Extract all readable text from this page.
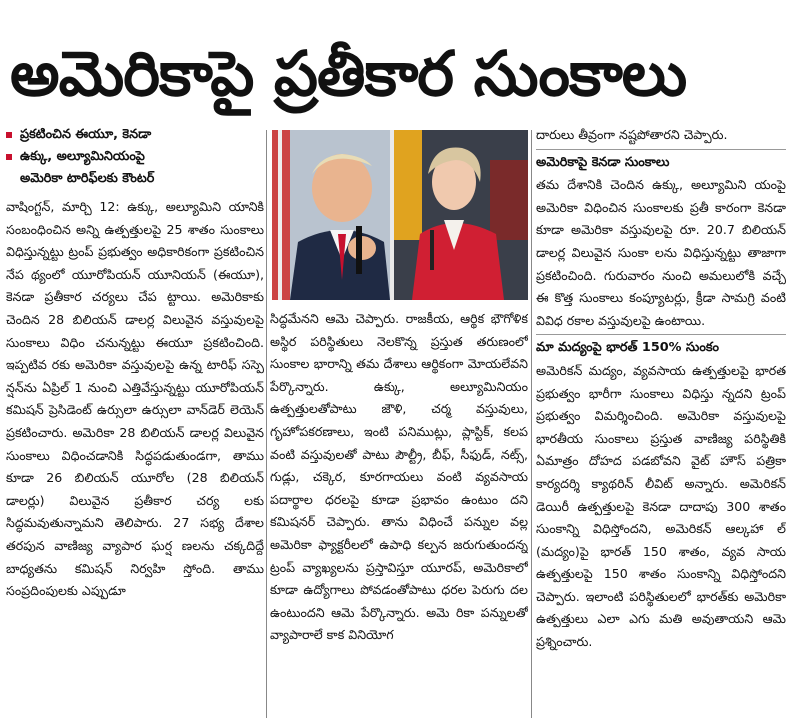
అమెరికాపై ప్రతీకార సుంకాలు
ప్రకటించిన ఈయూ, కెనడా
ఉక్కు, అల్యూమినియంపై
అమెరికా టారిఫ్‌లకు కౌంటర్

వాషింగ్టన్, మార్చి 12: ఉక్కు, అల్యూమిని యానికి సంబంధించిన అన్ని ఉత్పత్తులపై 25 శాతం సుంకాలు విధిస్తున్నట్టు ట్రంప్ ప్రభుత్వం అధికారికంగా ప్రకటించిన నేప థ్యంలో యూరోపియన్ యూనియన్ (ఈయూ), కెనడా ప్రతీకార చర్యలు చేప ట్టాయి. అమెరికాకు చెందిన 28 బిలియన్ డాలర్ల విలువైన వస్తువులపై సుంకాలు విధిం చనున్నట్టు ఈయూ ప్రకటించింది. ఇప్పటివ రకు అమెరికా వస్తువులపై ఉన్న టారిఫ్ సస్పె న్షన్‌ను ఏప్రిల్ 1 నుంచి ఎత్తివేస్తున్నట్టు యూరోపియన్ కమిషన్ ప్రెసిడెంట్ ఉర్సులా ఉర్సులా వాన్‌డెర్ లెయెన్ ప్రకటించారు. అమెరికా 28 బిలియన్ డాలర్ల విలువైన సుంకాలు విధించడానికి సిద్ధపడుతుండగా, తాము కూడా 26 బిలియన్ యూరోల (28 బిలియన్ డాలర్లు) విలువైన ప్రతీకార చర్య లకు సిద్ధమవుతున్నామని తెలిపారు. 27 సభ్య దేశాల తరపున వాణిజ్య వ్యాపార ఘర్ష ణలను చక్కదిద్దే బాధ్యతను కమిషన్ నిర్వహి స్తోంది. తాము సంప్రదింపులకు ఎప్పుడూ

సిద్ధమేనని ఆమె చెప్పారు. రాజకీయ, ఆర్థిక భౌగోళిక అస్థిర పరిస్థితులు నెలకొన్న ప్రస్తుత తరుణంలో సుంకాల భారాన్ని తమ దేశాలు ఆర్థికంగా మోయలేవని పేర్కొన్నారు. ఉక్కు, అల్యూమినియం ఉత్పత్తులతోపాటు జౌళి, చర్మ వస్తువులు, గృహోపకరణాలు, ఇంటి పనిముట్లు, ప్లాస్టిక్, కలప వంటి వస్తువులతో పాటు పౌల్ట్రీ, బీఫ్, సీఫుడ్, నట్స్, గుడ్లు, చక్కెర, కూరగాయలు వంటి వ్యవసాయ పదార్థాల ధరలపై కూడా ప్రభావం ఉంటుం దని కమిషనర్ చెప్పారు. తాను విధించే పన్నుల వల్ల అమెరికా ఫ్యాక్టరీలలో ఉపాధి కల్పన జరుగుతుందన్న ట్రంప్ వ్యాఖ్యలను ప్రస్తావిస్తూ యూరప్, అమెరికాలో కూడా ఉద్యోగాలు పోవడంతోపాటు ధరల పెరుగు దల ఉంటుందని ఆమె పేర్కొన్నారు. అమె రికా పన్నులతో వ్యాపారాలే కాక వినియోగ

దారులు తీవ్రంగా నష్టపోతారని చెప్పారు.

అమెరికాపై కెనడా సుంకాలు

తమ దేశానికి చెందిన ఉక్కు, అల్యూమిని యంపై అమెరికా విధించిన సుంకాలకు ప్రతీ కారంగా కెనడా కూడా అమెరికా వస్తువులపై రూ. 20.7 బిలియన్ డాలర్ల విలువైన సుంకా లను విధిస్తున్నట్టు తాజాగా ప్రకటించింది. గురువారం నుంచి అమలులోకి వచ్చే ఈ కొత్త సుంకాలు కంప్యూటర్లు, క్రీడా సామగ్రి వంటి వివిధ రకాల వస్తువులపై ఉంటాయి.

మా మద్యంపై భారత్ 150% సుంకం

అమెరికన్ మద్యం, వ్యవసాయ ఉత్పత్తులపై భారత ప్రభుత్వం భారీగా సుంకాలు విధిస్తు న్నదని ట్రంప్ ప్రభుత్వం విమర్శించింది. అమెరికా వస్తువులపై భారతీయ సుంకాలు ప్రస్తుత వాణిజ్య పరిస్థితికి ఏమాత్రం దోహద పడబోవని వైట్ హౌస్ పత్రికా కార్యదర్శి క్యాథరిన్ లీవిట్ అన్నారు. అమెరికన్ డెయిరీ ఉత్పత్తులపై కెనడా దాదాపు 300 శాతం సుంకాన్ని విధిస్తోందని, అమెరికన్ ఆల్కహా ల్ (మద్యం)పై భారత్ 150 శాతం, వ్యవ సాయ ఉత్పత్తులపై 150 శాతం సుంకాన్ని విధిస్తోందని చెప్పారు. ఇలాంటి పరిస్థితులలో భారత్‌కు అమెరికా ఉత్పత్తులు ఎలా ఎగు మతి అవుతాయని ఆమె ప్రశ్నించారు.
